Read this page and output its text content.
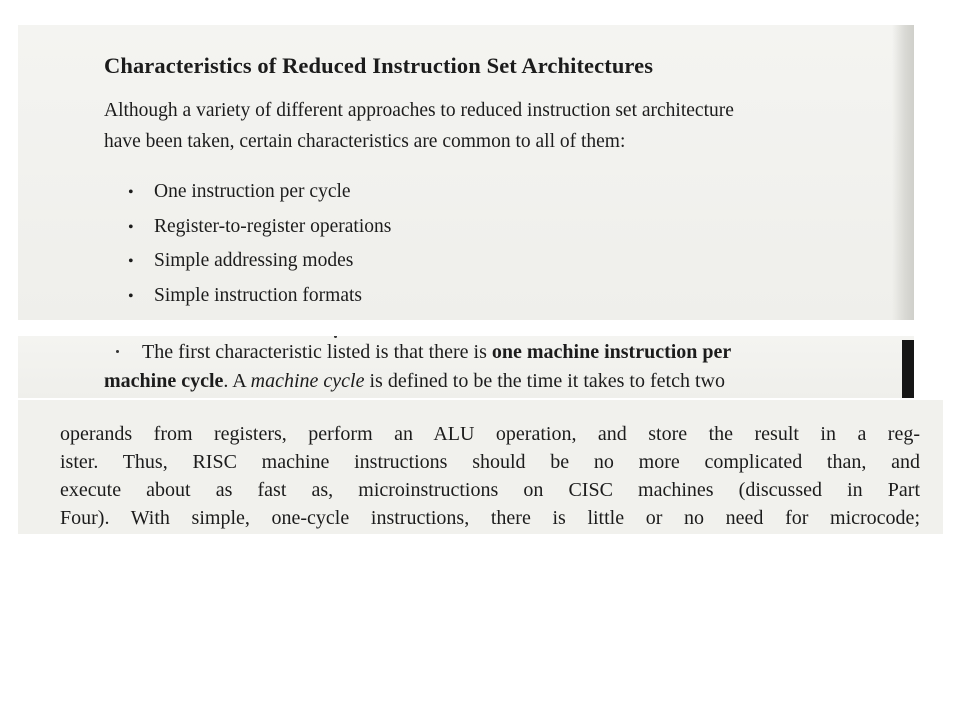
Characteristics of Reduced Instruction Set Architectures
Although a variety of different approaches to reduced instruction set architecture
have been taken, certain characteristics are common to all of them:
• One instruction per cycle
• Register-to-register operations
• Simple addressing modes
• Simple instruction formats
The first characteristic listed is that there is one machine instruction per
machine cycle. A machine cycle is defined to be the time it takes to fetch two
operands from registers, perform an ALU operation, and store the result in a reg-
ister. Thus, RISC machine instructions should be no more complicated than, and
execute about as fast as, microinstructions on CISC machines (discussed in Part
Four). With simple, one-cycle instructions, there is little or no need for microcode;
